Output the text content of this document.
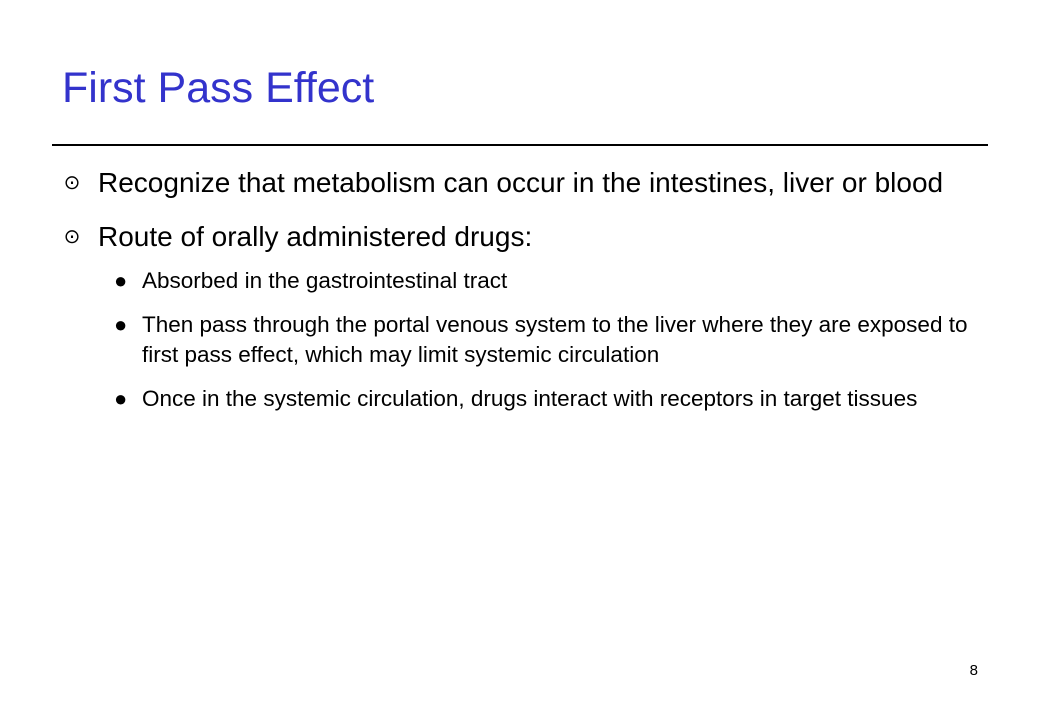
First Pass Effect
⊙ Recognize that metabolism can occur in the intestines, liver or blood
⊙ Route of orally administered drugs:
● Absorbed in the gastrointestinal tract
● Then pass through the portal venous system to the liver where they are exposed to first pass effect, which may limit systemic circulation
● Once in the systemic circulation, drugs interact with receptors in target tissues
8
